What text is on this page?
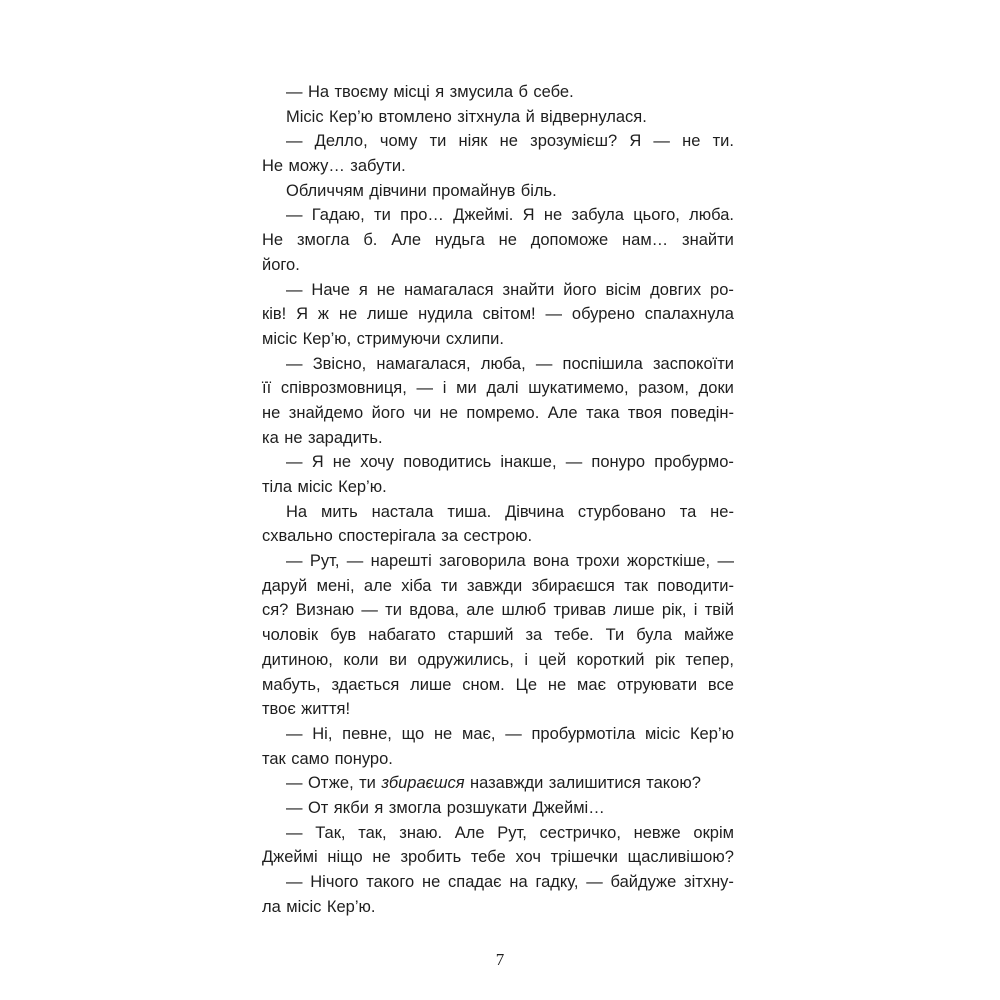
— На твоєму місці я змусила б себе.
Місіс Кер’ю втомлено зітхнула й відвернулася.
— Делло, чому ти ніяк не зрозумієш? Я — не ти.
Не можу… забути.
Обличчям дівчини промайнув біль.
— Гадаю, ти про… Джеймі. Я не забула цього, люба.
Не змогла б. Але нудьга не допоможе нам… знайти
його.
— Наче я не намагалася знайти його вісім довгих ро-
ків! Я ж не лише нудила світом! — обурено спалахнула
місіс Кер’ю, стримуючи схлипи.
— Звісно, намагалася, люба, — поспішила заспокоїти
її співрозмовниця, — і ми далі шукатимемо, разом, доки
не знайдемо його чи не помремо. Але така твоя поведін-
ка не зарадить.
— Я не хочу поводитись інакше, — понуро пробурмо-
тіла місіс Кер’ю.
На мить настала тиша. Дівчина стурбовано та не-
схвально спостерігала за сестрою.
— Рут, — нарешті заговорила вона трохи жорсткіше, —
даруй мені, але хіба ти завжди збираєшся так поводити-
ся? Визнаю — ти вдова, але шлюб тривав лише рік, і твій
чоловік був набагато старший за тебе. Ти була майже
дитиною, коли ви одружились, і цей короткий рік тепер,
мабуть, здається лише сном. Це не має отруювати все
твоє життя!
— Ні, певне, що не має, — пробурмотіла місіс Кер’ю
так само понуро.
— Отже, ти збираєшся назавжди залишитися такою?
— От якби я змогла розшукати Джеймі…
— Так, так, знаю. Але Рут, сестричко, невже окрім
Джеймі ніщо не зробить тебе хоч трішечки щасливішою?
— Нічого такого не спадає на гадку, — байдуже зітхну-
ла місіс Кер’ю.
7
